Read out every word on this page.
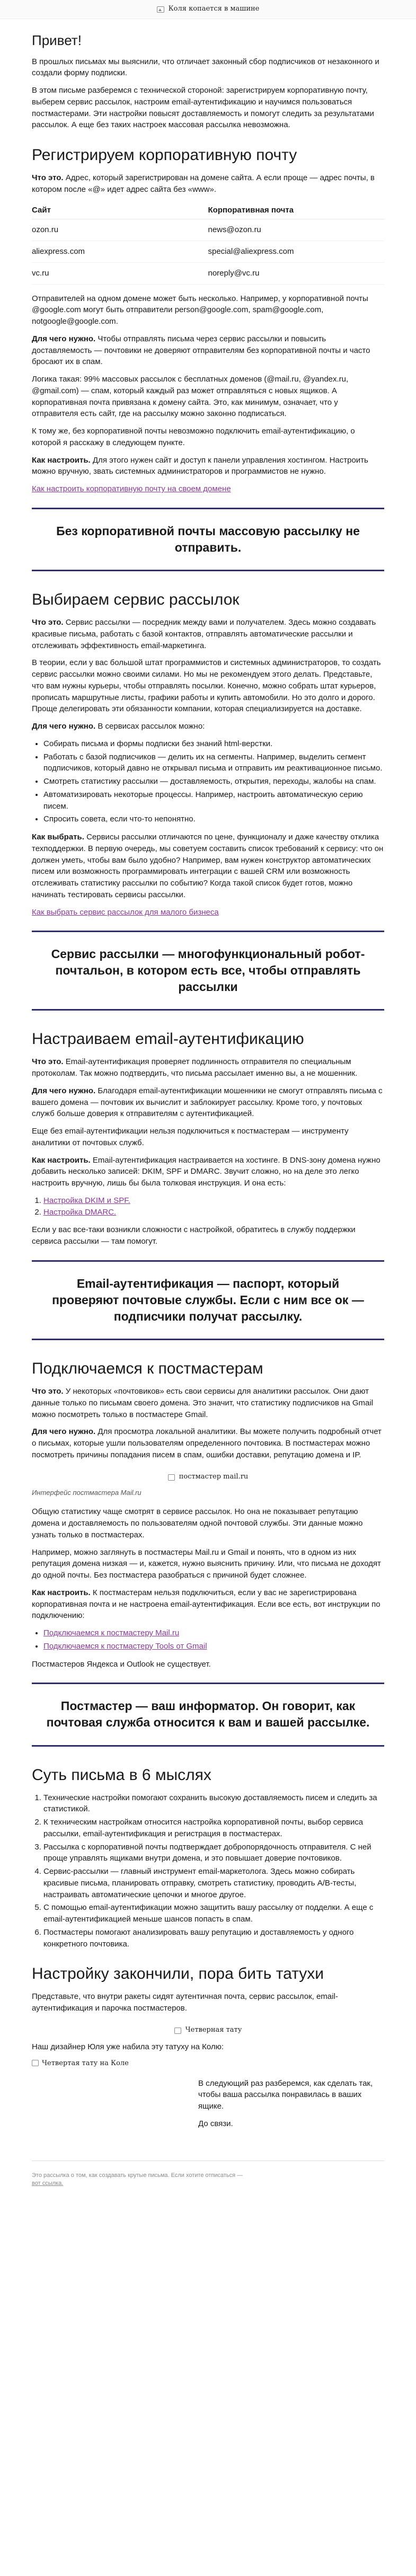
Коля копается в машине
Привет!

В прошлых письмах мы выяснили, что отличает законный сбор подписчиков от незаконного и создали форму подписки.

В этом письме разберемся с технической стороной: зарегистрируем корпоративную почту, выберем сервис рассылок, настроим email-аутентификацию и научимся пользоваться постмастерами. Эти настройки повысят доставляемость и помогут следить за результатами рассылок. А еще без таких настроек массовая рассылка невозможна.

Регистрируем корпоративную почту

Что это. Адрес, который зарегистрирован на домене сайта. А если проще — адрес почты, в котором после «@» идет адрес сайта без «www».

Сайт	Корпоративная почта
ozon.ru	news@ozon.ru
aliexpress.com	special@aliexpress.com
vc.ru	noreply@vc.ru

Отправителей на одном домене может быть несколько. Например, у корпоративной почты @google.com могут быть отправители person@google.com, spam@google.com, notgoogle@google.com.

Для чего нужно. Чтобы отправлять письма через сервис рассылки и повысить доставляемость — почтовики не доверяют отправителям без корпоративной почты и часто бросают их в спам.

Логика такая: 99% массовых рассылок с бесплатных доменов (@mail.ru, @yandex.ru, @gmail.com) — спам, который каждый раз может отправляться с новых ящиков. А корпоративная почта привязана к домену сайта. Это, как минимум, означает, что у отправителя есть сайт, где на рассылку можно законно подписаться.

К тому же, без корпоративной почты невозможно подключить email-аутентификацию, о которой я расскажу в следующем пункте.

Как настроить. Для этого нужен сайт и доступ к панели управления хостингом. Настроить можно вручную, звать системных администраторов и программистов не нужно.

Как настроить корпоративную почту на своем домене

Без корпоративной почты массовую рассылку не отправить.
Выбираем сервис рассылок

Что это. Сервис рассылки — посредник между вами и получателем. Здесь можно создавать красивые письма, работать с базой контактов, отправлять автоматические рассылки и отслеживать эффективность email-маркетинга.

В теории, если у вас большой штат программистов и системных администраторов, то создать сервис рассылки можно своими силами. Но мы не рекомендуем этого делать. Представьте, что вам нужны курьеры, чтобы отправлять посылки. Конечно, можно собрать штат курьеров, прописать маршрутные листы, графики работы и купить автомобили. Но это долго и дорого. Проще делегировать эти обязанности компании, которая специализируется на доставке.

Для чего нужно. В сервисах рассылок можно:

• Собирать письма и формы подписки без знаний html-верстки.
• Работать с базой подписчиков — делить их на сегменты. Например, выделить сегмент подписчиков, который давно не открывал письма и отправить им реактивационное письмо.
• Смотреть статистику рассылки — доставляемость, открытия, переходы, жалобы на спам.
• Автоматизировать некоторые процессы. Например, настроить автоматическую серию писем.
• Спросить совета, если что-то непонятно.

Как выбрать. Сервисы рассылки отличаются по цене, функционалу и даже качеству отклика техподдержки. В первую очередь, мы советуем составить список требований к сервису: что он должен уметь, чтобы вам было удобно? Например, вам нужен конструктор автоматических писем или возможность программировать интеграции с вашей CRM или возможность отслеживать статистику рассылки по событию? Когда такой список будет готов, можно начинать тестировать сервисы рассылки.

Как выбрать сервис рассылок для малого бизнеса

Сервис рассылки — многофункциональный робот-почтальон, в котором есть все, чтобы отправлять рассылки
Настраиваем email-аутентификацию

Что это. Email-аутентификация проверяет подлинность отправителя по специальным протоколам. Так можно подтвердить, что письма рассылает именно вы, а не мошенник.

Для чего нужно. Благодаря email-аутентификации мошенники не смогут отправлять письма с вашего домена — почтовик их вычислит и заблокирует рассылку. Кроме того, у почтовых служб больше доверия к отправителям с аутентификацией.

Еще без email-аутентификации нельзя подключиться к постмастерам — инструменту аналитики от почтовых служб.

Как настроить. Email-аутентификация настраивается на хостинге. В DNS-зону домена нужно добавить несколько записей: DKIM, SPF и DMARC. Звучит сложно, но на деле это легко настроить вручную, лишь бы была толковая инструкция. И она есть:

1. Настройка DKIM и SPF.
2. Настройка DMARC.

Если у вас все-таки возникли сложности с настройкой, обратитесь в службу поддержки сервиса рассылки — там помогут.

Email-аутентификация — паспорт, который проверяют почтовые службы. Если с ним все ок — подписчики получат рассылку.
Подключаемся к постмастерам

Что это. У некоторых «почтовиков» есть свои сервисы для аналитики рассылок. Они дают данные только по письмам своего домена. Это значит, что статистику подписчиков на Gmail можно посмотреть только в постмастере Gmail.

Для чего нужно. Для просмотра локальной аналитики. Вы можете получить подробный отчет о письмах, которые ушли пользователям определенного почтовика. В постмастерах можно посмотреть причины попадания писем в спам, ошибки доставки, репутацию домена и IP.

постмастер mail.ru
Интерфейс постмастера Mail.ru

Общую статистику чаще смотрят в сервисе рассылок. Но она не показывает репутацию домена и доставляемость по пользователям одной почтовой службы. Эти данные можно узнать только в постмастерах.

Например, можно заглянуть в постмастеры Mail.ru и Gmail и понять, что в одном из них репутация домена низкая — и, кажется, нужно выяснить причину. Или, что письма не доходят до одной почты. Без постмастера разобраться с причиной будет сложнее.

Как настроить. К постмастерам нельзя подключиться, если у вас не зарегистрирована корпоративная почта и не настроена email-аутентификация. Если все есть, вот инструкции по подключению:

• Подключаемся к постмастеру Mail.ru
• Подключаемся к постмастеру Tools от Gmail

Постмастеров Яндекса и Outlook не существует.

Постмастер — ваш информатор. Он говорит, как почтовая служба относится к вам и вашей рассылке.
Суть письма в 6 мыслях
1. Технические настройки помогают сохранить высокую доставляемость писем и следить за статистикой.
2. К техническим настройкам относится настройка корпоративной почты, выбор сервиса рассылки, email-аутентификация и регистрация в постмастерах.
3. Рассылка с корпоративной почты подтверждает добропорядочность отправителя. С ней проще управлять ящиками внутри домена, и это повышает доверие почтовиков.
4. Сервис-рассылки — главный инструмент email-маркетолога. Здесь можно собирать красивые письма, планировать отправку, смотреть статистику, проводить A/B-тесты, настраивать автоматические цепочки и многое другое.
5. С помощью email-аутентификации можно защитить вашу рассылку от подделки. А еще с email-аутентификацией меньше шансов попасть в спам.
6. Постмастеры помогают анализировать вашу репутацию и доставляемость у одного конкретного почтовика.
Настройку закончили, пора бить татухи

Представьте, что внутри ракеты сидят аутентичная почта, сервис рассылок, email-аутентификация и парочка постмастеров.

Четверная тату

Наш дизайнер Юля уже набила эту татуху на Колю:

Четвертая тату на Коле

В следующий раз разберемся, как сделать так, чтобы ваша рассылка понравилась в ваших ящике.

До связи.

Это рассылка о том, как создавать крутые письма. Если хотите отписаться —
вот ссылка.
